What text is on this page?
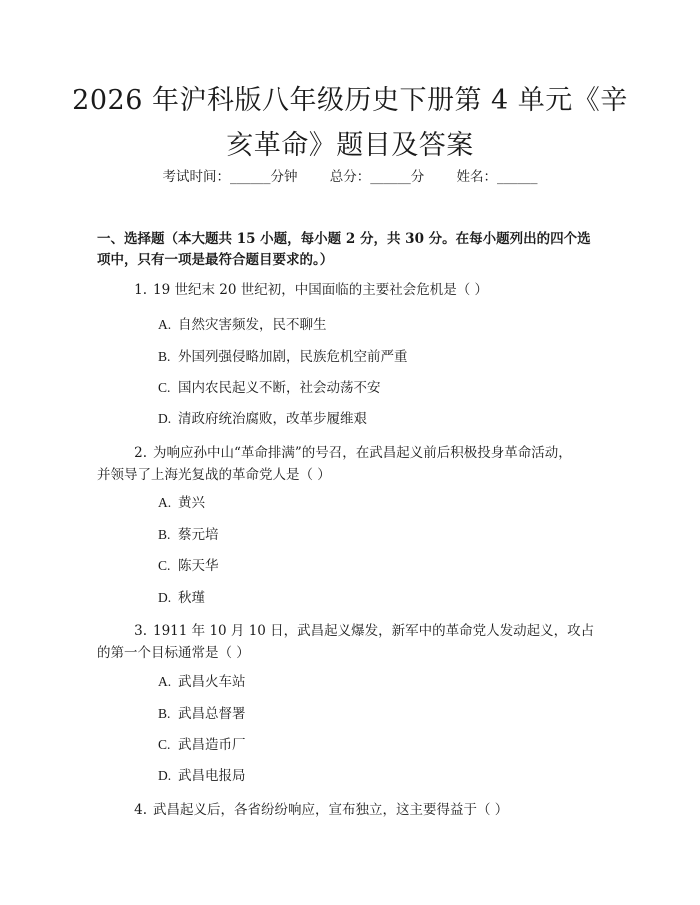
2026 年沪科版八年级历史下册第 4 单元《辛
亥革命》题目及答案
考试时间：______分钟 总分：______分 姓名：______
一、选择题（本大题共 15 小题，每小题 2 分，共 30 分。在每小题列出的四个选
项中，只有一项是最符合题目要求的。）
1. 19 世纪末 20 世纪初，中国面临的主要社会危机是（ ）
A. 自然灾害频发，民不聊生
B. 外国列强侵略加剧，民族危机空前严重
C. 国内农民起义不断，社会动荡不安
D. 清政府统治腐败，改革步履维艰
2. 为响应孙中山“革命排满”的号召，在武昌起义前后积极投身革命活动，
并领导了上海光复战的革命党人是（ ）
A. 黄兴
B. 蔡元培
C. 陈天华
D. 秋瑾
3. 1911 年 10 月 10 日，武昌起义爆发，新军中的革命党人发动起义，攻占
的第一个目标通常是（ ）
A. 武昌火车站
B. 武昌总督署
C. 武昌造币厂
D. 武昌电报局
4. 武昌起义后，各省纷纷响应，宣布独立，这主要得益于（ ）
